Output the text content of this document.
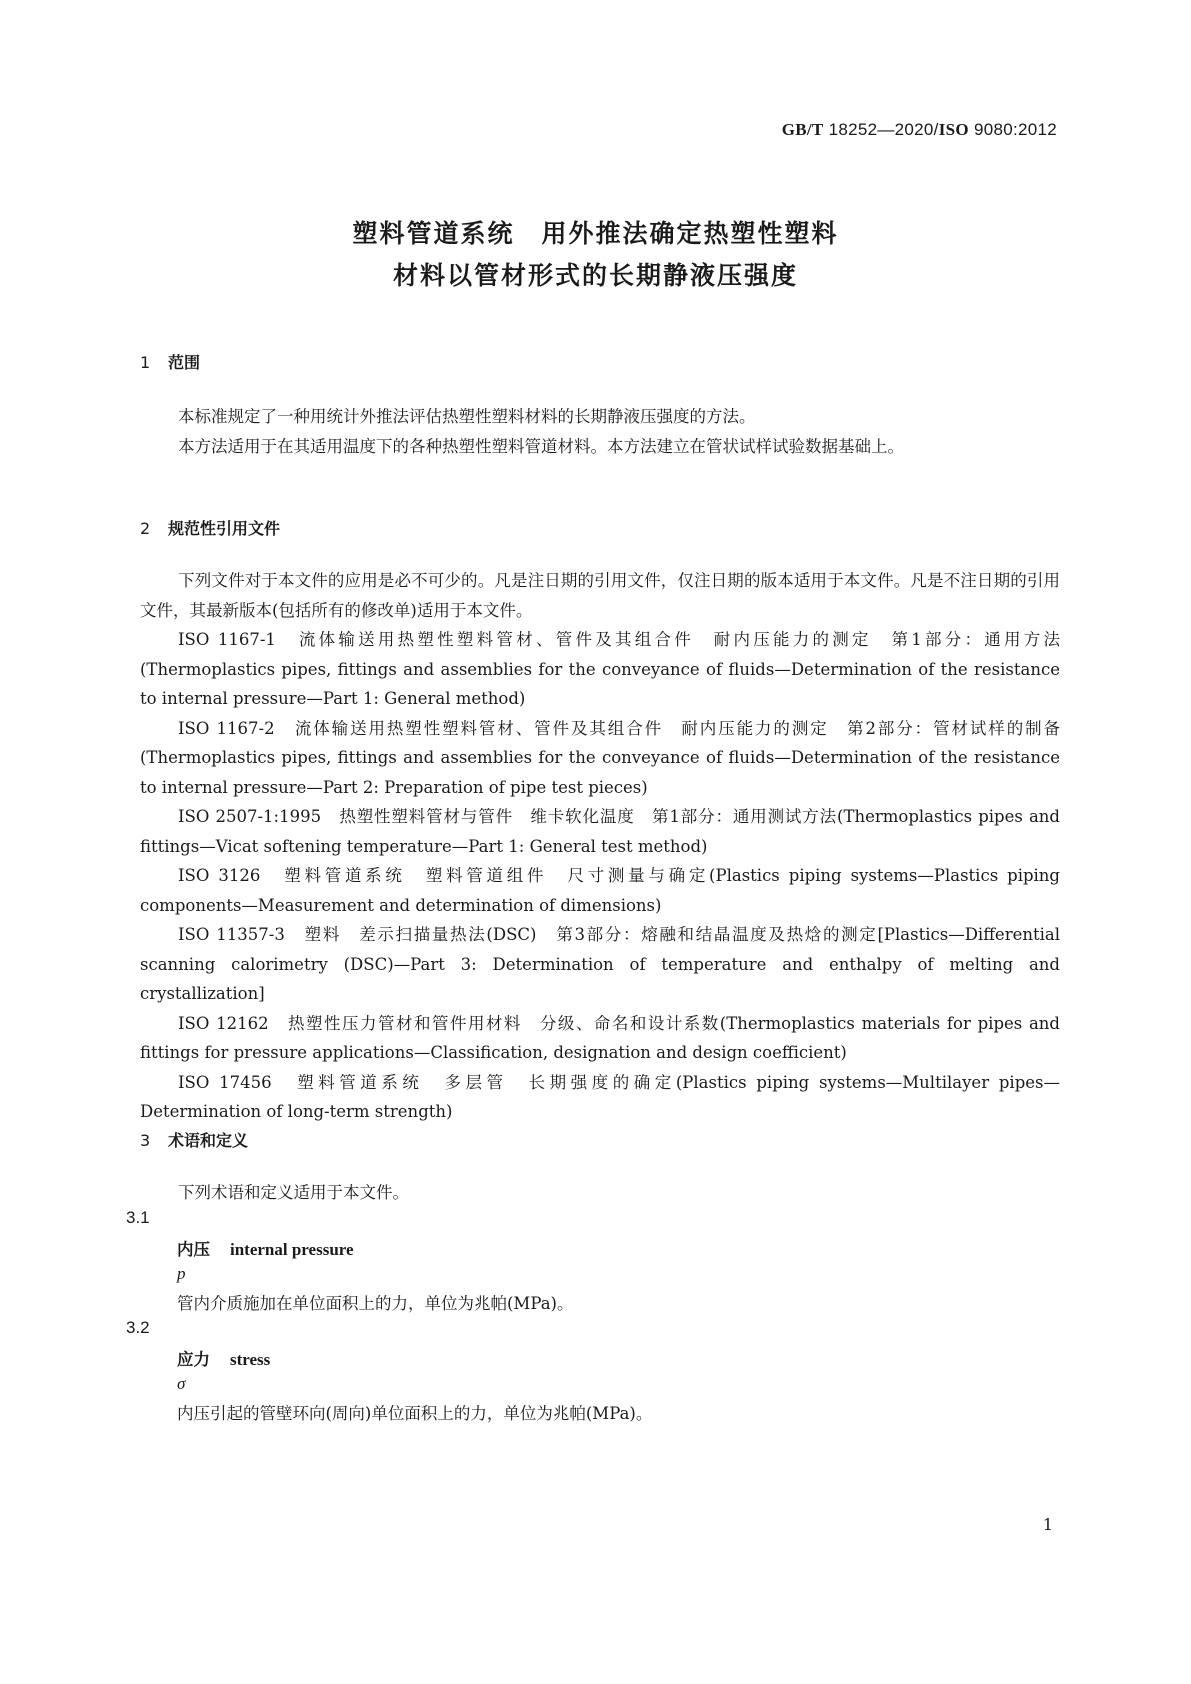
GB/T 18252—2020/ISO 9080:2012
塑料管道系统　用外推法确定热塑性塑料
材料以管材形式的长期静液压强度
1 范围

本标准规定了一种用统计外推法评估热塑性塑料材料的长期静液压强度的方法。

本方法适用于在其适用温度下的各种热塑性塑料管道材料。本方法建立在管状试样试验数据基础上。

2 规范性引用文件

下列文件对于本文件的应用是必不可少的。凡是注日期的引用文件，仅注日期的版本适用于本文件。凡是不注日期的引用文件，其最新版本(包括所有的修改单)适用于本文件。

ISO 1167-1　流体输送用热塑性塑料管材、管件及其组合件　耐内压能力的测定　第1部分：通用方法(Thermoplastics pipes, fittings and assemblies for the conveyance of fluids—Determination of the resistance to internal pressure—Part 1: General method)

ISO 1167-2　流体输送用热塑性塑料管材、管件及其组合件　耐内压能力的测定　第2部分：管材试样的制备(Thermoplastics pipes, fittings and assemblies for the conveyance of fluids—Determination of the resistance to internal pressure—Part 2: Preparation of pipe test pieces)

ISO 2507-1:1995　热塑性塑料管材与管件　维卡软化温度　第1部分：通用测试方法(Thermoplastics pipes and fittings—Vicat softening temperature—Part 1: General test method)

ISO 3126　塑料管道系统　塑料管道组件　尺寸测量与确定(Plastics piping systems—Plastics piping components—Measurement and determination of dimensions)

ISO 11357-3　塑料　差示扫描量热法(DSC)　第3部分：熔融和结晶温度及热焓的测定[Plastics—Differential scanning calorimetry (DSC)—Part 3: Determination of temperature and enthalpy of melting and crystallization]

ISO 12162　热塑性压力管材和管件用材料　分级、命名和设计系数(Thermoplastics materials for pipes and fittings for pressure applications—Classification, designation and design coefficient)

ISO 17456　塑料管道系统　多层管　长期强度的确定(Plastics piping systems—Multilayer pipes—Determination of long-term strength)

3 术语和定义

下列术语和定义适用于本文件。

3.1
内压 internal pressure
p
管内介质施加在单位面积上的力，单位为兆帕(MPa)。
3.2
应力 stress
σ
内压引起的管壁环向(周向)单位面积上的力，单位为兆帕(MPa)。
1
